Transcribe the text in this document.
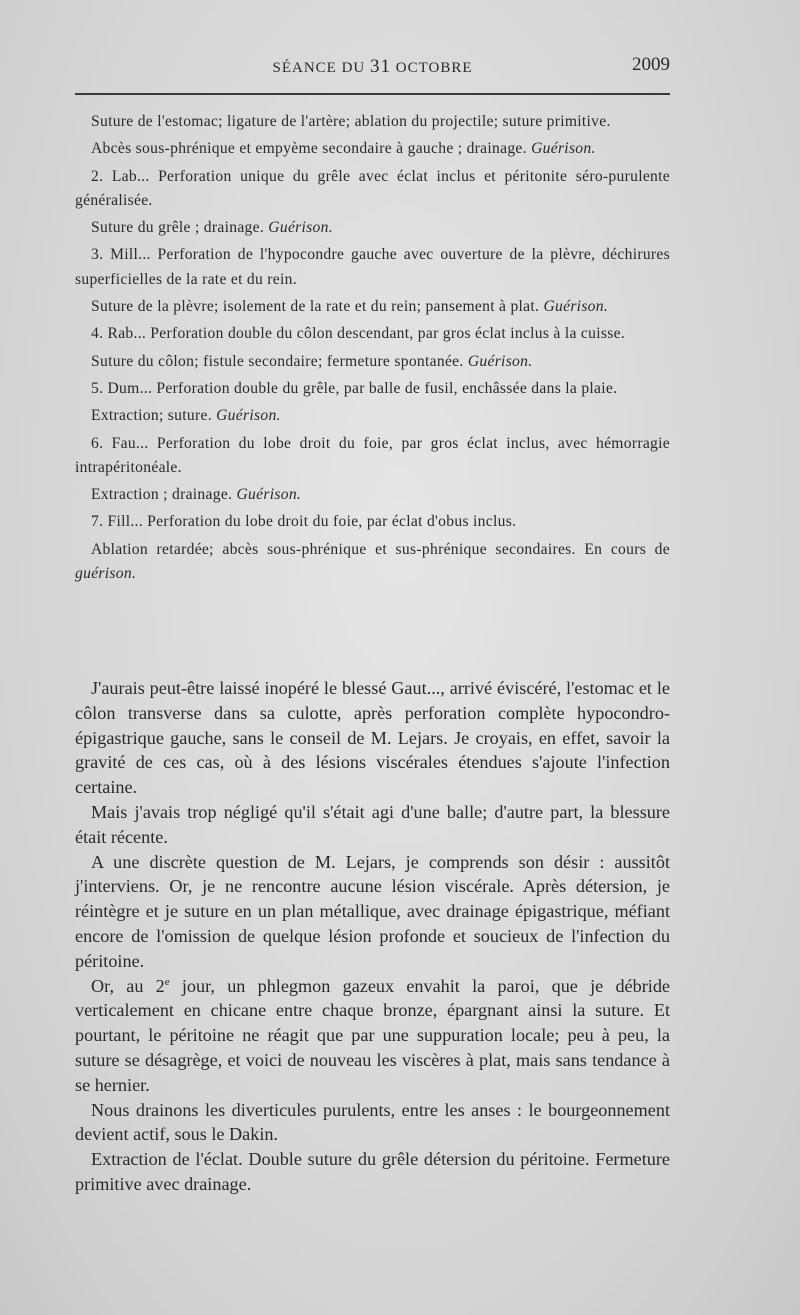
SÉANCE DU 31 OCTOBRE	2009

Suture de l'estomac; ligature de l'artère; ablation du projectile; suture primitive.

Abcès sous-phrénique et empyème secondaire à gauche ; drainage. Guérison.

2. Lab... Perforation unique du grêle avec éclat inclus et péritonite séro-purulente généralisée.

Suture du grêle ; drainage. Guérison.

3. Mill... Perforation de l'hypocondre gauche avec ouverture de la plèvre, déchirures superficielles de la rate et du rein.

Suture de la plèvre; isolement de la rate et du rein; pansement à plat. Guérison.

4. Rab... Perforation double du côlon descendant, par gros éclat inclus à la cuisse.

Suture du côlon; fistule secondaire; fermeture spontanée. Guérison.

5. Dum... Perforation double du grêle, par balle de fusil, enchâssée dans la plaie.

Extraction; suture. Guérison.

6. Fau... Perforation du lobe droit du foie, par gros éclat inclus, avec hémorragie intrapéritonéale.

Extraction ; drainage. Guérison.

7. Fill... Perforation du lobe droit du foie, par éclat d'obus inclus.

Ablation retardée; abcès sous-phrénique et sus-phrénique secondaires. En cours de guérison.

J'aurais peut-être laissé inopéré le blessé Gaut..., arrivé éviscéré, l'estomac et le côlon transverse dans sa culotte, après perforation complète hypocondro-épigastrique gauche, sans le conseil de M. Lejars. Je croyais, en effet, savoir la gravité de ces cas, où à des lésions viscérales étendues s'ajoute l'infection certaine.

Mais j'avais trop négligé qu'il s'était agi d'une balle; d'autre part, la blessure était récente.

A une discrète question de M. Lejars, je comprends son désir : aussitôt j'interviens. Or, je ne rencontre aucune lésion viscérale. Après détersion, je réintègre et je suture en un plan métallique, avec drainage épigastrique, méfiant encore de l'omission de quelque lésion profonde et soucieux de l'infection du péritoine.

Or, au 2e jour, un phlegmon gazeux envahit la paroi, que je débride verticalement en chicane entre chaque bronze, épargnant ainsi la suture. Et pourtant, le péritoine ne réagit que par une suppuration locale; peu à peu, la suture se désagrège, et voici de nouveau les viscères à plat, mais sans tendance à se hernier.

Nous drainons les diverticules purulents, entre les anses : le bourgeonnement devient actif, sous le Dakin.

Extraction de l'éclat. Double suture du grêle détersion du péritoine. Fermeture primitive avec drainage.
